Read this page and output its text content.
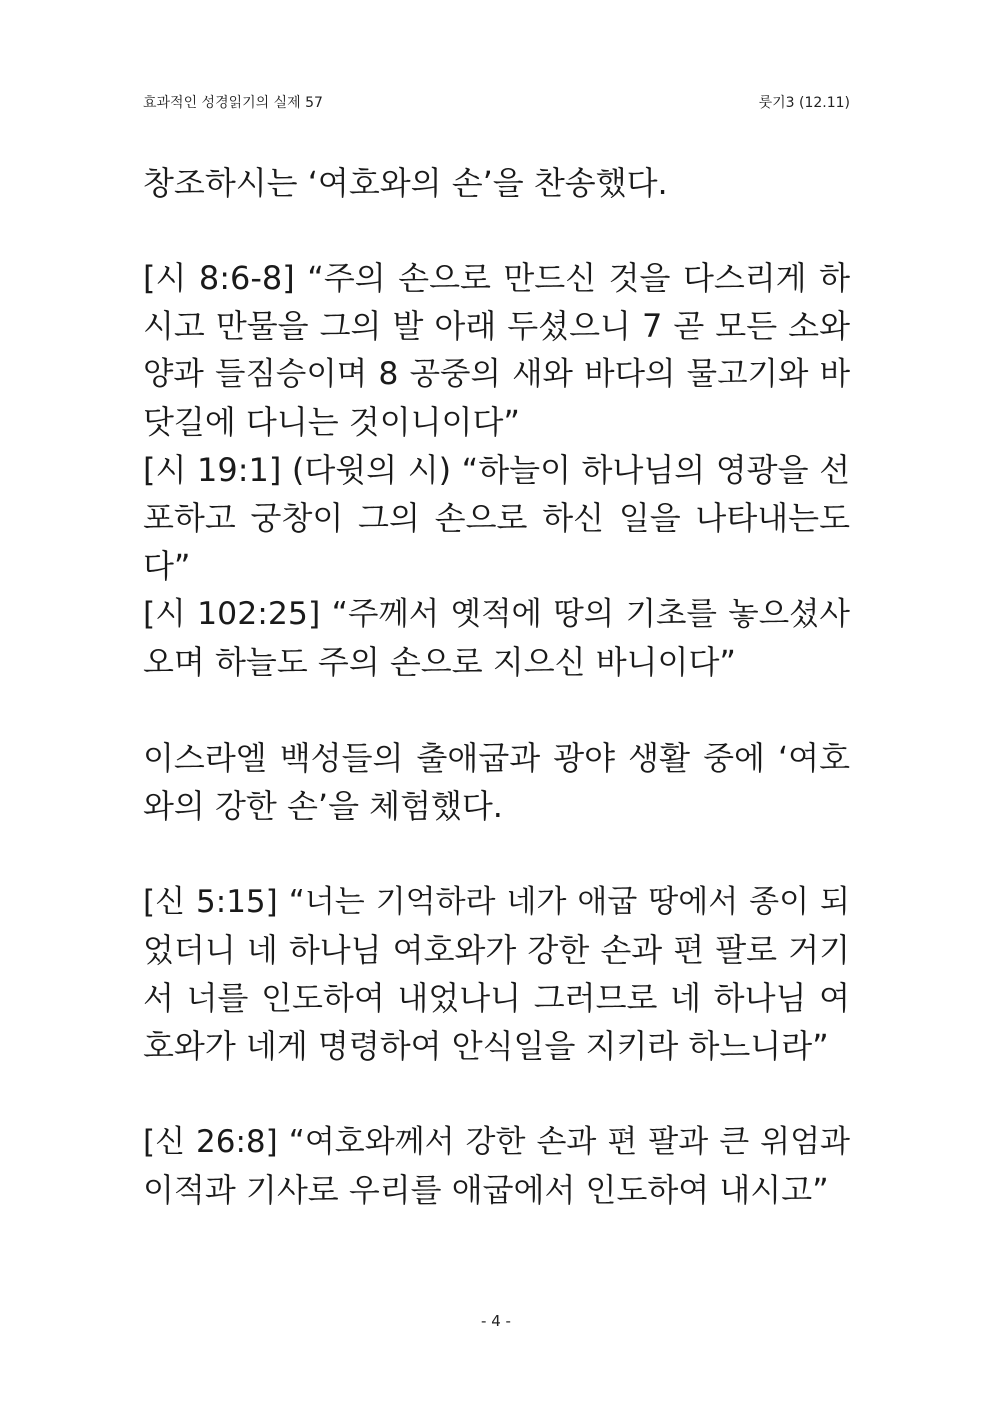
효과적인 성경읽기의 실제 57	룻기3 (12.11)
창조하시는 ‘여호와의 손’을 찬송했다.
[시 8:6-8] “주의 손으로 만드신 것을 다스리게 하
시고 만물을 그의 발 아래 두셨으니 7 곧 모든 소와
양과 들짐승이며 8 공중의 새와 바다의 물고기와 바
닷길에 다니는 것이니이다”
[시 19:1] (다윗의 시) “하늘이 하나님의 영광을 선
포하고 궁창이 그의 손으로 하신 일을 나타내는도
다”
[시 102:25] “주께서 옛적에 땅의 기초를 놓으셨사
오며 하늘도 주의 손으로 지으신 바니이다”
이스라엘 백성들의 출애굽과 광야 생활 중에 ‘여호
와의 강한 손’을 체험했다.
[신 5:15] “너는 기억하라 네가 애굽 땅에서 종이 되
었더니 네 하나님 여호와가 강한 손과 편 팔로 거기
서 너를 인도하여 내었나니 그러므로 네 하나님 여
호와가 네게 명령하여 안식일을 지키라 하느니라”
[신 26:8] “여호와께서 강한 손과 편 팔과 큰 위엄과
이적과 기사로 우리를 애굽에서 인도하여 내시고”
- 4 -
